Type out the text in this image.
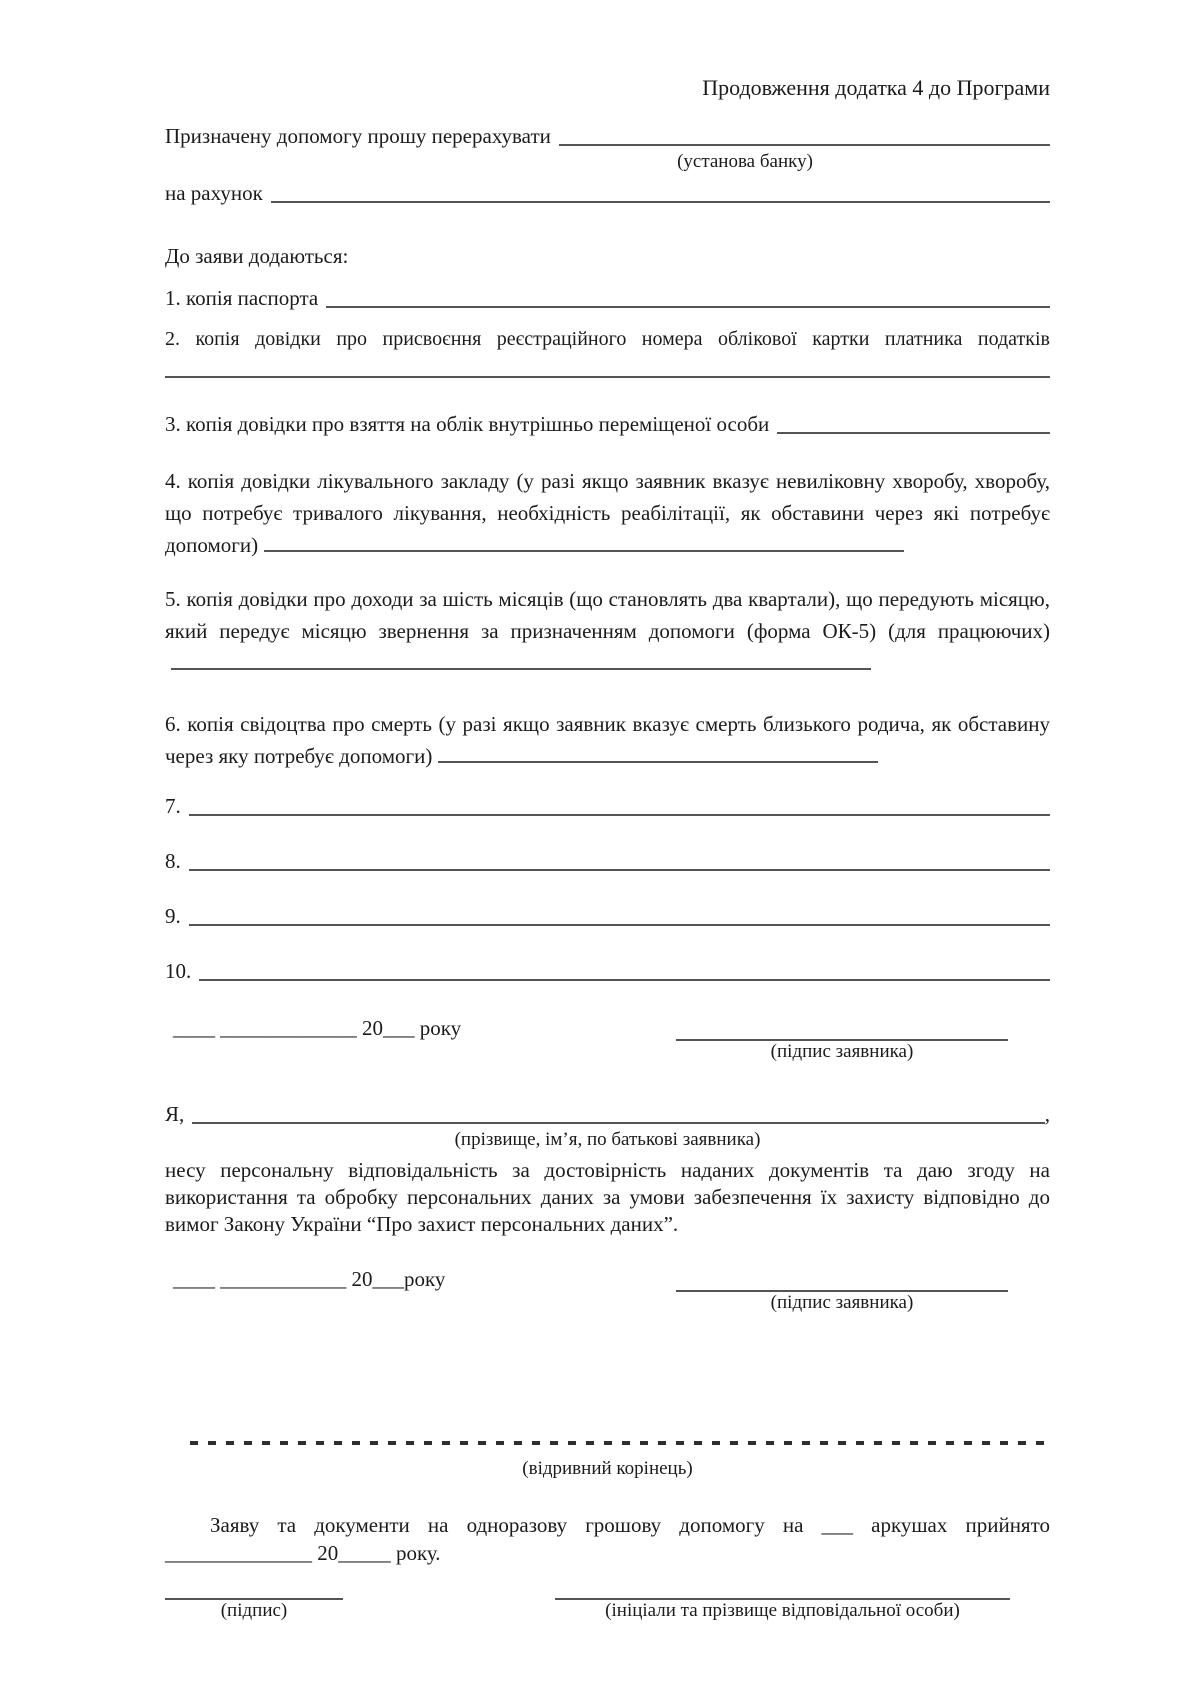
Продовження додатка 4 до Програми
Призначену допомогу прошу перерахувати
(установа банку)
на рахунок
До заяви додаються:
1. копія паспорта

2. копія довідки про присвоєння реєстраційного номера облікової картки платника податків

3. копія довідки про взяття на облік внутрішньо переміщеної особи

4. копія довідки лікувального закладу (у разі якщо заявник вказує невиліковну хворобу, хворобу, що потребує тривалого лікування, необхідність реабілітації, як обставини через які потребує допомоги)

5. копія довідки про доходи за шість місяців (що становлять два квартали), що передують місяцю, який передує місяцю звернення за призначенням допомоги (форма ОК-5) (для працюючих)

6. копія свідоцтва про смерть (у разі якщо заявник вказує смерть близького родича, як обставину через яку потребує допомоги)

7.
8.
9.
10.
____ _____________ 20___ року
(підпис заявника)
Я,	,
(прізвище, ім’я, по батькові заявника)

несу персональну відповідальність за достовірність наданих документів та даю згоду на використання та обробку персональних даних за умови забезпечення їх захисту відповідно до вимог Закону України “Про захист персональних даних”.

____ ____________ 20___року
(підпис заявника)
(відривний корінець)

Заяву та документи на одноразову грошову допомогу на ___ аркушах прийнято

______________ 20_____ року.
(підпис)	(ініціали та прізвище відповідальної особи)
